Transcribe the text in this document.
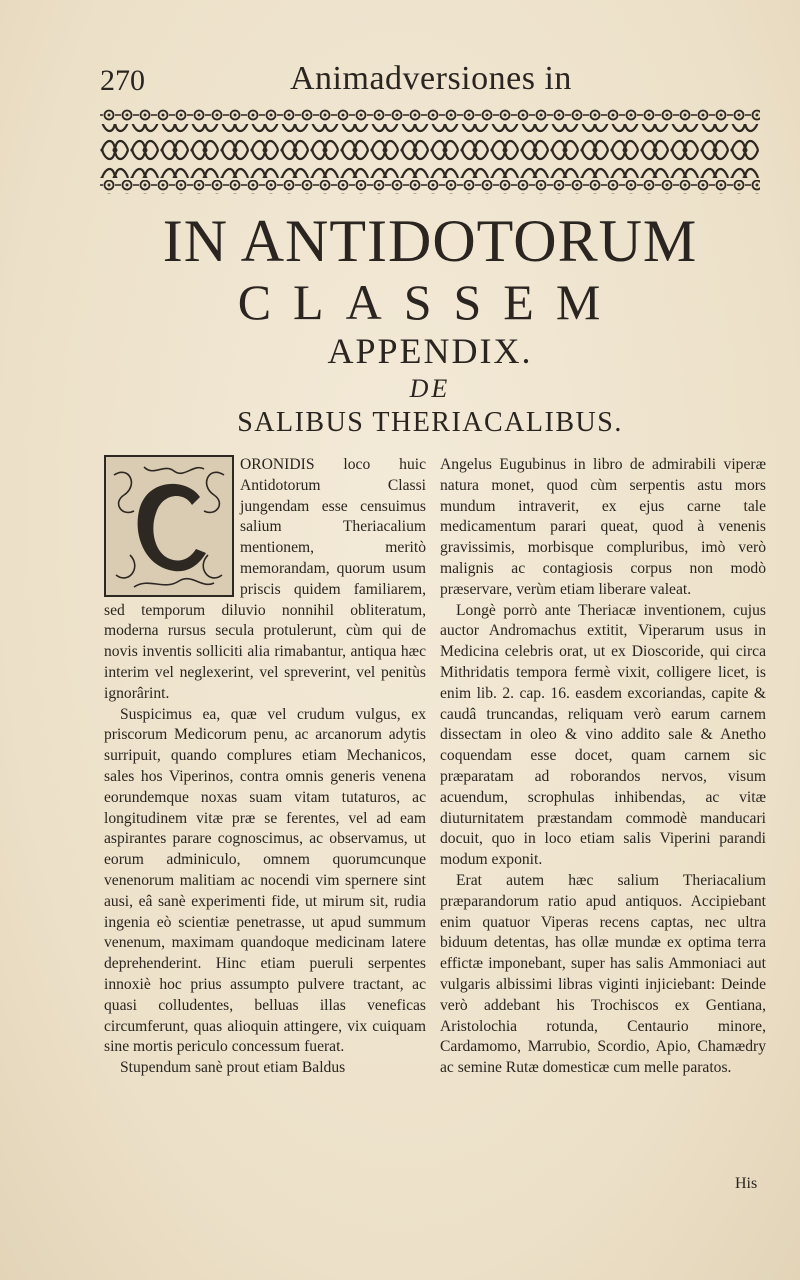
270	Animadversiones in
IN ANTIDOTORUM
CLASSEM
APPENDIX.
DE
SALIBUS THERIACALIBUS.

ORONIDIS loco huic Antidotorum Classi jungendam esse censuimus salium Theriacalium mentionem, meritò memorandam, quorum usum priscis quidem familiarem, sed temporum diluvio nonnihil obliteratum, moderna rursus secula protulerunt, cùm qui de novis inventis solliciti alia rimabantur, antiqua hæc interim vel neglexerint, vel spreverint, vel penitùs ignorârint.

Suspicimus ea, quæ vel crudum vulgus, ex priscorum Medicorum penu, ac arcanorum adytis surripuit, quando complures etiam Mechanicos, sales hos Viperinos, contra omnis generis venena eorundemque noxas suam vitam tutaturos, ac longitudinem vitæ præ se ferentes, vel ad eam aspirantes parare cognoscimus, ac observamus, ut eorum adminiculo, omnem quorumcunque venenorum malitiam ac nocendi vim spernere sint ausi, eâ sanè experimenti fide, ut mirum sit, rudia ingenia eò scientiæ penetrasse, ut apud summum venenum, maximam quandoque medicinam latere deprehenderint. Hinc etiam pueruli serpentes innoxiè hoc prius assumpto pulvere tractant, ac quasi colludentes, belluas illas veneficas circumferunt, quas alioquin attingere, vix cuiquam sine mortis periculo concessum fuerat.

Stupendum sanè prout etiam Baldus

Angelus Eugubinus in libro de admirabili viperæ natura monet, quod cùm serpentis astu mors mundum intraverit, ex ejus carne tale medicamentum parari queat, quod à venenis gravissimis, morbisque compluribus, imò verò malignis ac contagiosis corpus non modò præservare, verùm etiam liberare valeat.

Longè porrò ante Theriacæ inventionem, cujus auctor Andromachus extitit, Viperarum usus in Medicina celebris orat, ut ex Dioscoride, qui circa Mithridatis tempora fermè vixit, colligere licet, is enim lib. 2. cap. 16. easdem excoriandas, capite & caudâ truncandas, reliquam verò earum carnem dissectam in oleo & vino addito sale & Anetho coquendam esse docet, quam carnem sic præparatam ad roborandos nervos, visum acuendum, scrophulas inhibendas, ac vitæ diuturnitatem præstandam commodè manducari docuit, quo in loco etiam salis Viperini parandi modum exponit.

Erat autem hæc salium Theriacalium præparandorum ratio apud antiquos. Accipiebant enim quatuor Viperas recens captas, nec ultra biduum detentas, has ollæ mundæ ex optima terra effictæ imponebant, super has salis Ammoniaci aut vulgaris albissimi libras viginti injiciebant: Deinde verò addebant his Trochiscos ex Gentiana, Aristolochia rotunda, Centaurio minore, Cardamomo, Marrubio, Scordio, Apio, Chamædry ac seminе Rutæ domesticæ cum melle paratos.

His
